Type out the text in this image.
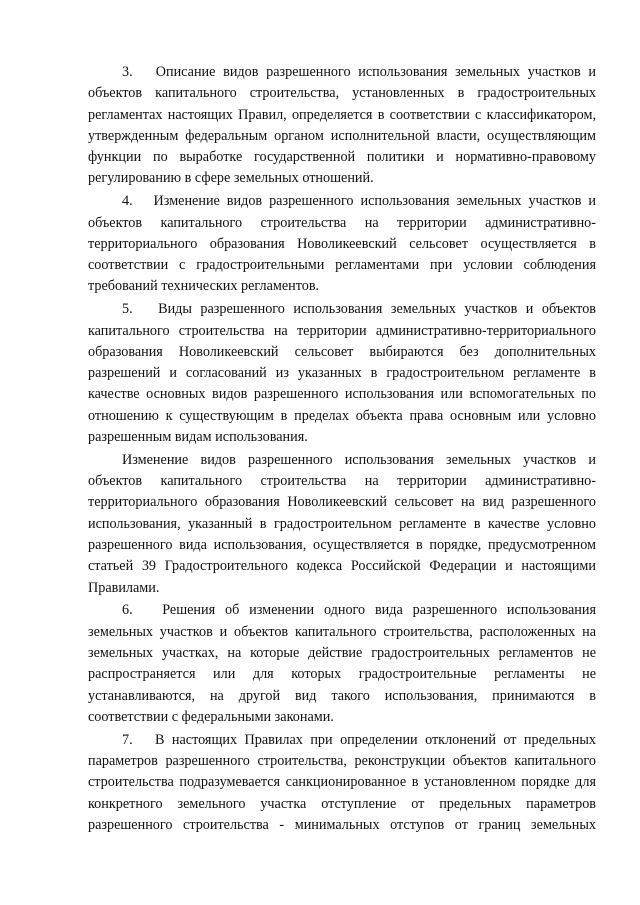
3.   Описание видов разрешенного использования земельных участков и объектов капитального строительства, установленных в градостроительных регламентах настоящих Правил, определяется в соответствии с классификатором, утвержденным федеральным органом исполнительной власти, осуществляющим функции по выработке государственной политики и нормативно-правовому регулированию в сфере земельных отношений.

4.   Изменение видов разрешенного использования земельных участков и объектов капитального строительства на территории административно-территориального образования Новоликеевский сельсовет осуществляется в соответствии с градостроительными регламентами при условии соблюдения требований технических регламентов.

5.   Виды разрешенного использования земельных участков и объектов капитального строительства на территории административно-территориального образования Новоликеевский сельсовет выбираются без дополнительных разрешений и согласований из указанных в градостроительном регламенте в качестве основных видов разрешенного использования или вспомогательных по отношению к существующим в пределах объекта права основным или условно разрешенным видам использования.

Изменение видов разрешенного использования земельных участков и объектов капитального строительства на территории административно-территориального образования Новоликеевский сельсовет на вид разрешенного использования, указанный в градостроительном регламенте в качестве условно разрешенного вида использования, осуществляется в порядке, предусмотренном статьей 39 Градостроительного кодекса Российской Федерации и настоящими Правилами.

6.   Решения об изменении одного вида разрешенного использования земельных участков и объектов капитального строительства, расположенных на земельных участках, на которые действие градостроительных регламентов не распространяется или для которых градостроительные регламенты не устанавливаются, на другой вид такого использования, принимаются в соответствии с федеральными законами.

7.   В настоящих Правилах при определении отклонений от предельных параметров разрешенного строительства, реконструкции объектов капитального строительства подразумевается санкционированное в установленном порядке для конкретного земельного участка отступление от предельных параметров разрешенного строительства - минимальных отступов от границ земельных
